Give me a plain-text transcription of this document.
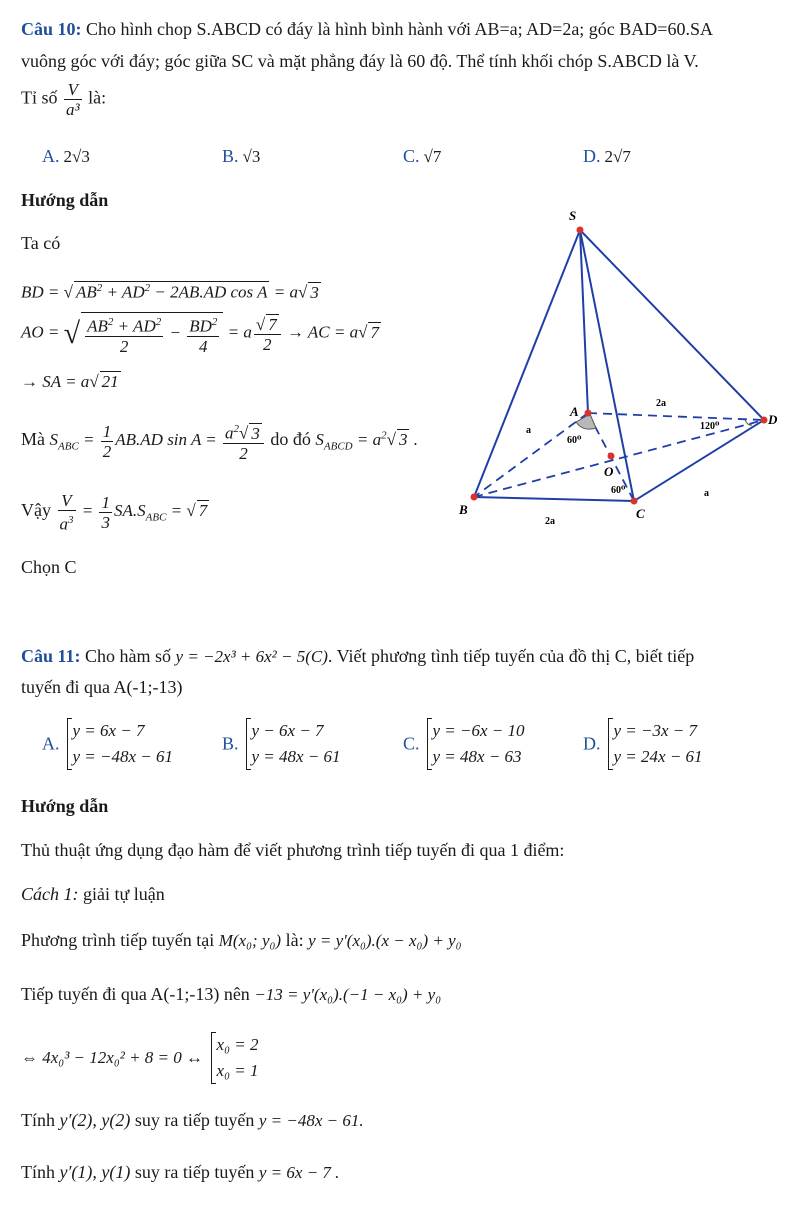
Câu 10: Cho hình chop S.ABCD có đáy là hình bình hành với AB=a; AD=2a; góc BAD=60.SA
vuông góc với đáy; góc giữa SC và mặt phẳng đáy là 60 độ. Thể tính khối chóp S.ABCD là V.
Tỉ số $\frac{V}{\text{a³}}$ là:
A. 2√3	B. √3	C. √7	D. 2√7
Hướng dẫn
Ta có
BD = √ $AB^2 + AD^2 - 2AB.AD$ cos A = a√ 3
AO = √ $\frac{AB^2 + AD^2}{2} - \frac{BD^2}{4} = a \frac{√ 7}{2}$ → AC = a√ 7
→ SA = a√ 21
Mà $S_{ABC} = \frac{1}{2} AB.AD$ $\sin A = \frac{a^2√ 3}{2}$ do đó $S_{ABCD} = a^2√$ 3 .
Vậy $\frac{V}{a^3} = \frac{1}{3} SA.S_{ABC}$ = √ 7
Chọn C
S
A
B	C
D
O
a
2a
2a
a
60⁰
60⁰
120⁰
Câu 11: Cho hàm số y = −2x³ + 6x² − 5(C). Viết phương tình tiếp tuyến của đồ thị C, biết tiếp
tuyến đi qua A(-1;-13)
A.
y = 6x − 7
y = −48x − 61
B.
y − 6x − 7
y = 48x − 61
C.
y = −6x − 10
y = 48x − 63
D.
y = −3x − 7
y = 24x − 61
Hướng dẫn
Thủ thuật ứng dụng đạo hàm để viết phương trình tiếp tuyến đi qua 1 điểm:
Cách 1: giải tự luận
Phương trình tiếp tuyến tại M(x₀; y₀) là: y = y'(x₀).(x − x₀) + y₀
Tiếp tuyến đi qua A(-1;-13) nên −13 = y'(x₀).(−1 − x₀) + y₀
⇔ 4x₀³ − 12x₀² + 8 = 0 ↔
x₀ = 2
x₀ = 1
Tính y′(2), y(2) suy ra tiếp tuyến y = −48x − 61.
Tính y′(1), y(1) suy ra tiếp tuyến y = 6x − 7 .
